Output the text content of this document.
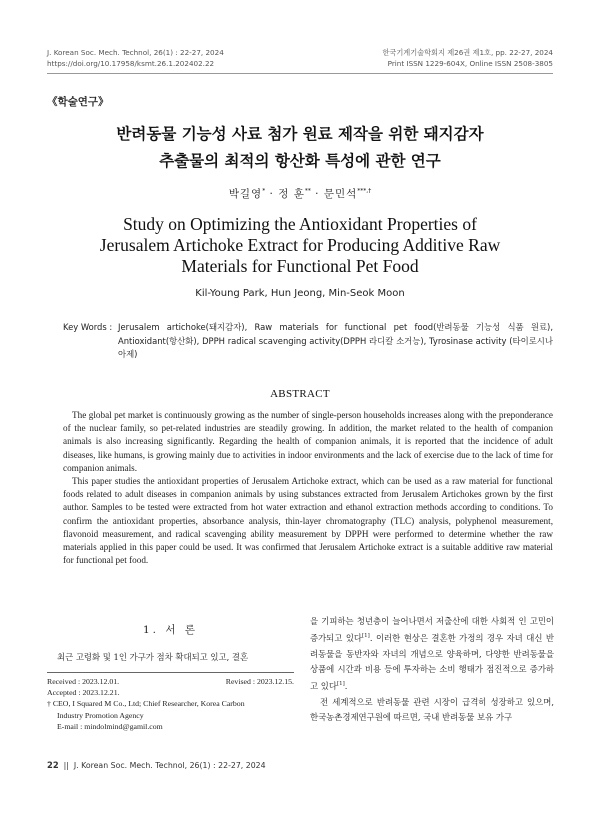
J. Korean Soc. Mech. Technol, 26(1) : 22-27, 2024
https://doi.org/10.17958/ksmt.26.1.202402.22
한국기계기술학회지 제26권 제1호, pp. 22-27, 2024
Print ISSN 1229-604X, Online ISSN 2508-3805
《학술연구》
반려동물 기능성 사료 첨가 원료 제작을 위한 돼지감자
추출물의 최적의 항산화 특성에 관한 연구
박길영* · 정 훈** · 문민석***,†
Study on Optimizing the Antioxidant Properties of
Jerusalem Artichoke Extract for Producing Additive Raw
Materials for Functional Pet Food
Kil-Young Park, Hun Jeong, Min-Seok Moon
Key Words : Jerusalem artichoke(돼지감자), Raw materials for functional pet food(반려동물 기능성 식품 원료), Antioxidant(항산화), DPPH radical scavenging activity(DPPH 라디칼 소거능), Tyrosinase activity (타이로시나아제)
ABSTRACT

The global pet market is continuously growing as the number of single-person households increases along with the preponderance of the nuclear family, so pet-related industries are steadily growing. In addition, the market related to the health of companion animals is also increasing significantly. Regarding the health of companion animals, it is reported that the incidence of adult diseases, like humans, is growing mainly due to activities in indoor environments and the lack of exercise due to the lack of time for companion animals.

This paper studies the antioxidant properties of Jerusalem Artichoke extract, which can be used as a raw material for functional foods related to adult diseases in companion animals by using substances extracted from Jerusalem Artichokes grown by the first author. Samples to be tested were extracted from hot water extraction and ethanol extraction methods according to conditions. To confirm the antioxidant properties, absorbance analysis, thin-layer chromatography (TLC) analysis, polyphenol measurement, flavonoid measurement, and radical scavenging ability measurement by DPPH were performed to determine whether the raw materials applied in this paper could be used. It was confirmed that Jerusalem Artichoke extract is a suitable additive raw material for functional pet food.

1. 서 론
최근 고령화 및 1인 가구가 점차 확대되고 있고, 결혼
Received : 2023.12.01.	Revised : 2023.12.15.
Accepted : 2023.12.21.
† CEO, I Squared M Co., Ltd; Chief Researcher, Korea Carbon
Industry Promotion Agency
E-mail : mindolmind@gamil.com

을 기피하는 청년층이 늘어나면서 저출산에 대한 사회적 인 고민이 증가되고 있다[1]. 이러한 현상은 결혼한 가정의 경우 자녀 대신 반려동물을 동반자와 자녀의 개념으로 양육하며, 다양한 반려동물을 상품에 시간과 비용 등에 투자하는 소비 행태가 점진적으로 증가하고 있다[1].

전 세계적으로 반려동물 관련 시장이 급격히 성장하고 있으며, 한국농촌경제연구원에 따르면, 국내 반려동물 보유 가구

22  ||  J. Korean Soc. Mech. Technol, 26(1) : 22-27, 2024
